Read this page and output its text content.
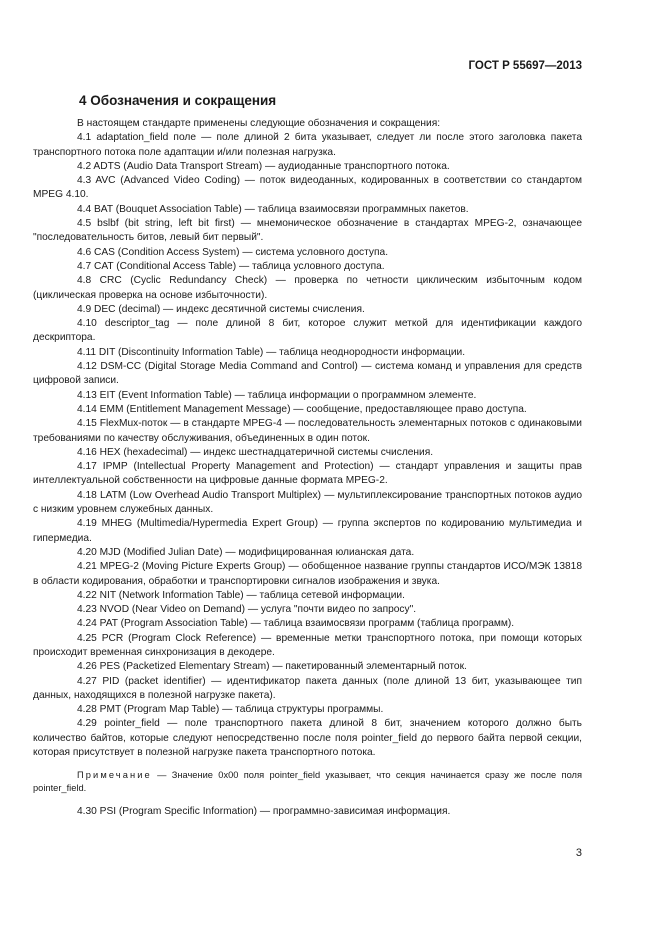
ГОСТ Р 55697—2013
4 Обозначения и сокращения

В настоящем стандарте применены следующие обозначения и сокращения:

4.1 adaptation_field поле — поле длиной 2 бита указывает, следует ли после этого заголовка пакета транспортного потока поле адаптации и/или полезная нагрузка.

4.2 ADTS (Audio Data Transport Stream) — аудиоданные транспортного потока.

4.3 AVC (Advanced Video Coding) — поток видеоданных, кодированных в соответствии со стандартом MPEG 4.10.

4.4 BAT (Bouquet Association Table) — таблица взаимосвязи программных пакетов.

4.5 bslbf (bit string, left bit first) — мнемоническое обозначение в стандартах MPEG-2, означающее "последовательность битов, левый бит первый".

4.6 CAS (Condition Access System) — система условного доступа.

4.7 CAT (Conditional Access Table) — таблица условного доступа.

4.8 CRC (Cyclic Redundancy Check) — проверка по четности циклическим избыточным кодом (циклическая проверка на основе избыточности).

4.9 DEC (decimal) — индекс десятичной системы счисления.

4.10 descriptor_tag — поле длиной 8 бит, которое служит меткой для идентификации каждого дескриптора.

4.11 DIT (Discontinuity Information Table) — таблица неоднородности информации.

4.12 DSM-CC (Digital Storage Media Command and Control) — система команд и управления для средств цифровой записи.

4.13 EIT (Event Information Table) — таблица информации о программном элементе.

4.14 EMM (Entitlement Management Message) — сообщение, предоставляющее право доступа.

4.15 FlexMux-поток — в стандарте MPEG-4 — последовательность элементарных потоков с одинаковыми требованиями по качеству обслуживания, объединенных в один поток.

4.16 HEX (hexadecimal) — индекс шестнадцатеричной системы счисления.

4.17 IPMP (Intellectual Property Management and Protection) — стандарт управления и защиты прав интеллектуальной собственности на цифровые данные формата MPEG-2.

4.18 LATM (Low Overhead Audio Transport Multiplex) — мультиплексирование транспортных потоков аудио с низким уровнем служебных данных.

4.19 MHEG (Multimedia/Hypermedia Expert Group) — группа экспертов по кодированию мультимедиа и гипермедиа.

4.20 MJD (Modified Julian Date) — модифицированная юлианская дата.

4.21 MPEG-2 (Moving Picture Experts Group) — обобщенное название группы стандартов ИСО/МЭК 13818 в области кодирования, обработки и транспортировки сигналов изображения и звука.

4.22 NIT (Network Information Table) — таблица сетевой информации.

4.23 NVOD (Near Video on Demand) — услуга "почти видео по запросу".

4.24 PAT (Program Association Table) — таблица взаимосвязи программ (таблица программ).

4.25 PCR (Program Clock Reference) — временные метки транспортного потока, при помощи которых происходит временная синхронизация в декодере.

4.26 PES (Packetized Elementary Stream) — пакетированный элементарный поток.

4.27 PID (packet identifier) — идентификатор пакета данных (поле длиной 13 бит, указывающее тип данных, находящихся в полезной нагрузке пакета).

4.28 PMT (Program Map Table) — таблица структуры программы.

4.29 pointer_field — поле транспортного пакета длиной 8 бит, значением которого должно быть количество байтов, которые следуют непосредственно после поля pointer_field до первого байта первой секции, которая присутствует в полезной нагрузке пакета транспортного потока.

Примечание — Значение 0x00 поля pointer_field указывает, что секция начинается сразу же после поля pointer_field.

4.30 PSI (Program Specific Information) — программно-зависимая информация.

3
